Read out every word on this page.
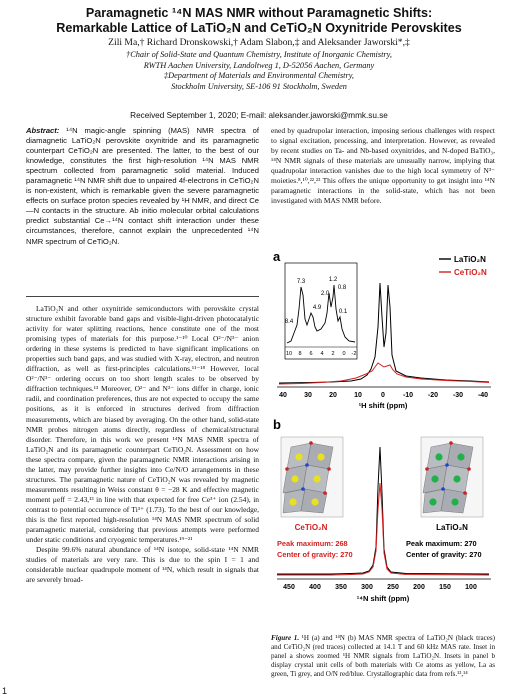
Paramagnetic ¹⁴N MAS NMR without Paramagnetic Shifts:
Remarkable Lattice of LaTiO₂N and CeTiO₂N Oxynitride Perovskites
Zili Ma,† Richard Dronskowski,† Adam Slabon,‡ and Aleksander Jaworski*,‡
†Chair of Solid-State and Quantum Chemistry, Institute of Inorganic Chemistry,
RWTH Aachen University, Landoltweg 1, D-52056 Aachen, Germany
‡Department of Materials and Environmental Chemistry,
Stockholm University, SE-106 91 Stockholm, Sweden
Received September 1, 2020; E-mail: aleksander.jaworski@mmk.su.se
Abstract: ¹⁴N magic-angle spinning (MAS) NMR spectra of diamagnetic LaTiO₂N perovskite oxynitride and its paramagnetic counterpart CeTiO₂N are presented. The latter, to the best of our knowledge, constitutes the first high-resolution ¹⁴N MAS NMR spectrum collected from paramagnetic solid material. Induced paramagnetic ¹⁴N NMR shift due to unpaired 4f-electrons in CeTiO₂N is non-existent, which is remarkable given the severe paramagnetic effects on surface proton species revealed by ¹H NMR, and direct Ce—N contacts in the structure. Ab initio molecular orbital calculations predict substantial Ce→¹⁴N contact shift interaction under these circumstances, therefore, cannot explain the unprecedented ¹⁴N NMR spectrum of CeTiO₂N.

LaTiO₂N and other oxynitride semiconductors with perovskite crystal structure exhibit favorable band gaps and visible-light-driven photocatalytic activity for water splitting reactions, hence constitute one of the most promising types of materials for this purpose.¹⁻¹⁰ Local O²⁻/N³⁻ anion ordering in these systems is predicted to have significant implications on properties such band gaps, and was studied with X-ray, electron, and neutron diffraction, as well as first-principles calculations.¹¹⁻¹⁸ However, local O²⁻/N³⁻ ordering occurs on too short length scales to be observed by diffraction techniques.¹³ Moreover, O²⁻ and N³⁻ ions differ in charge, ionic radii, and coordination preferences, thus are not expected to occupy the same positions, as it is enforced in structures derived from diffraction measurements, which are biased by averaging. On the other hand, solid-state NMR probes nitrogen atoms directly, regardless of chemical/structural disorder. Therefore, in this work we present ¹⁴N MAS NMR spectra of LaTiO₂N and its paramagnetic counterpart CeTiO₂N. Assessment on how these spectra compare, given the paramagnetic NMR interactions arising in the latter, may provide further insights into Ce/N/O arrangements in these structures. The paramagnetic nature of CeTiO₂N was revealed by magnetic measurements resulting in Weiss constant θ = −28 K and effective magnetic moment μeff = 2.43,¹³ in line with that expected for free Ce³⁺ ion (2.54), in contrast to potential occurrence of Ti³⁺ (1.73). To the best of our knowledge, this is the first reported high-resolution ¹⁴N MAS NMR spectrum of solid paramagnetic material, considering that previous attempts were performed under static conditions and cryogenic temperatures.¹⁹⁻²¹

Despite 99.6% natural abundance of ¹⁴N isotope, solid-state ¹⁴N NMR studies of materials are very rare. This is due to the spin I = 1 and considerable nuclear quadrupole moment of ¹⁴N, which result in signals that are severely broad-

ened by quadrupolar interaction, imposing serious challenges with respect to signal excitation, processing, and interpretation. However, as revealed by recent studies on Ta- and Nb-based oxynitrides, and N-doped BaTiO₃, ¹⁴N NMR signals of these materials are unusually narrow, implying that quadrupolar interaction vanishes due to the high local symmetry of N³⁻ moieties.⁸,¹⁰,²²,²³ This offers the unique opportunity to get insight into ¹⁴N paramagnetic interactions in the solid-state, which has not been investigated with MAS NMR before.
a	LaTiO₂N
CeTiO₂N
8.4
7.3
4.9
2.0
1.2
0.8
0.1
10 8 6 4 2 0 -2
40 30 20 10	0	-10 -20 -30 -40
¹H shift (ppm)
b
CeTiO₂N	LaTiO₂N
Peak maximum: 268
Center of gravity: 270
Peak maximum: 270
Center of gravity: 270
450 400 350 300 250 200 150 100
¹⁴N shift (ppm)
Figure 1. ¹H (a) and ¹⁴N (b) MAS NMR spectra of LaTiO₂N (black traces) and CeTiO₂N (red traces) collected at 14.1 T and 60 kHz MAS rate. Inset in panel a shows zoomed ¹H NMR signals from LaTiO₂N. Insets in panel b display crystal unit cells of both materials with Ce atoms as yellow, La as green, Ti grey, and O/N red/blue. Crystallographic data from refs.¹³,¹⁴
1
